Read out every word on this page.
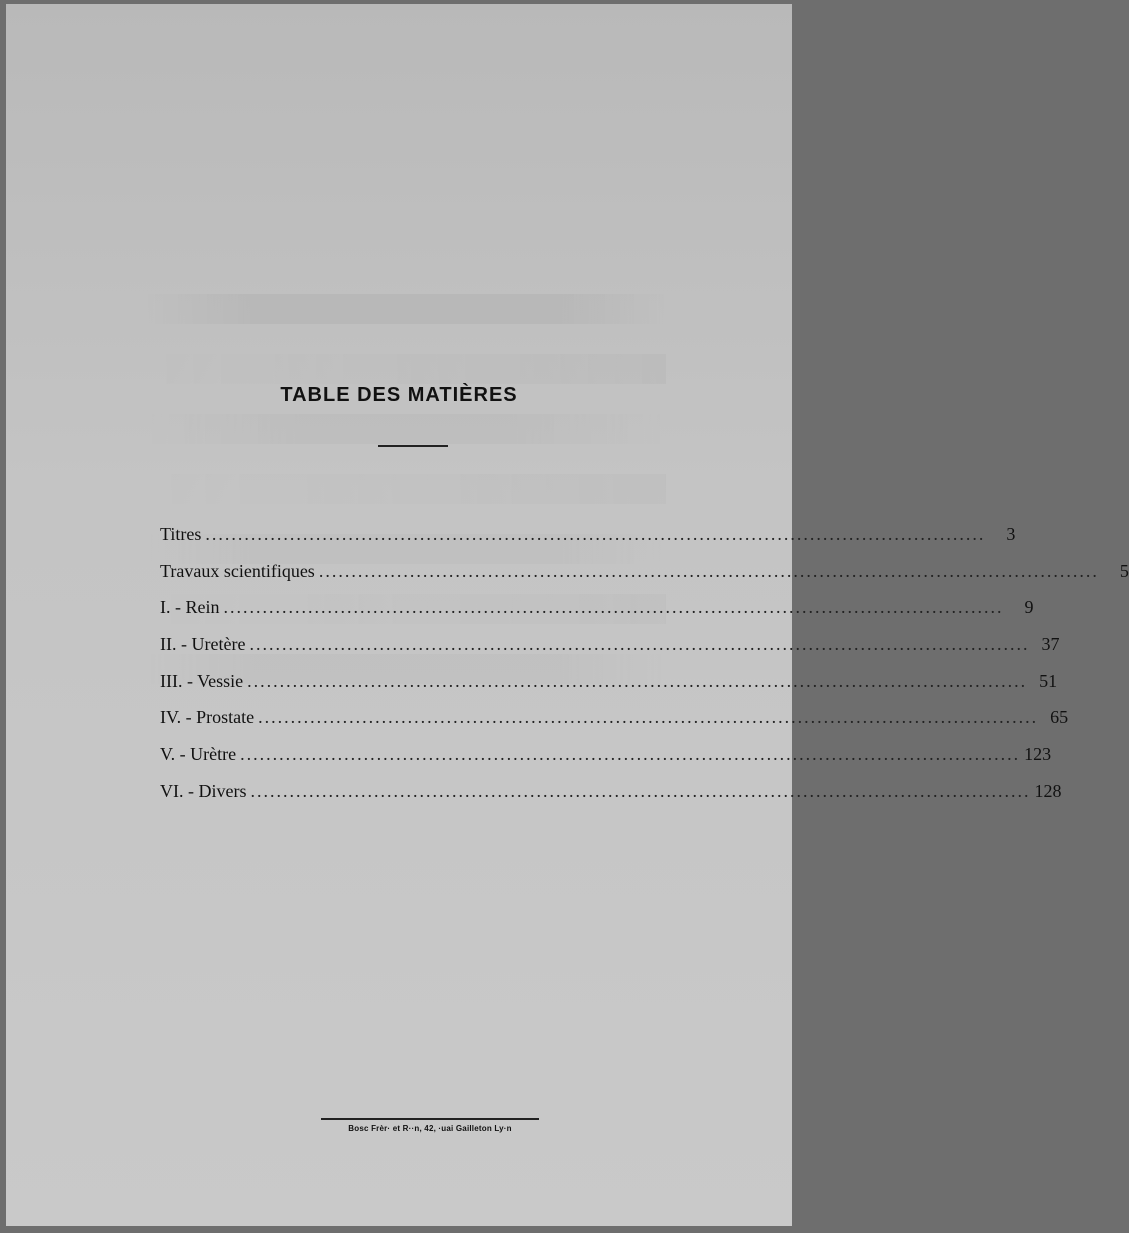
TABLE DES MATIÈRES
Titres ........................................................................................................................	3
Travaux scientifiques ........................................................................................................................	5
I. - Rein ........................................................................................................................	9
II. - Uretère ........................................................................................................................ 37
III. - Vessie ........................................................................................................................ 51
IV. - Prostate ........................................................................................................................ 65
V. - Urètre ........................................................................................................................ 123
VI. - Divers ........................................................................................................................ 128
Bosc Frèr· et R··n, 42, ·uai Gailleton Ly·n
